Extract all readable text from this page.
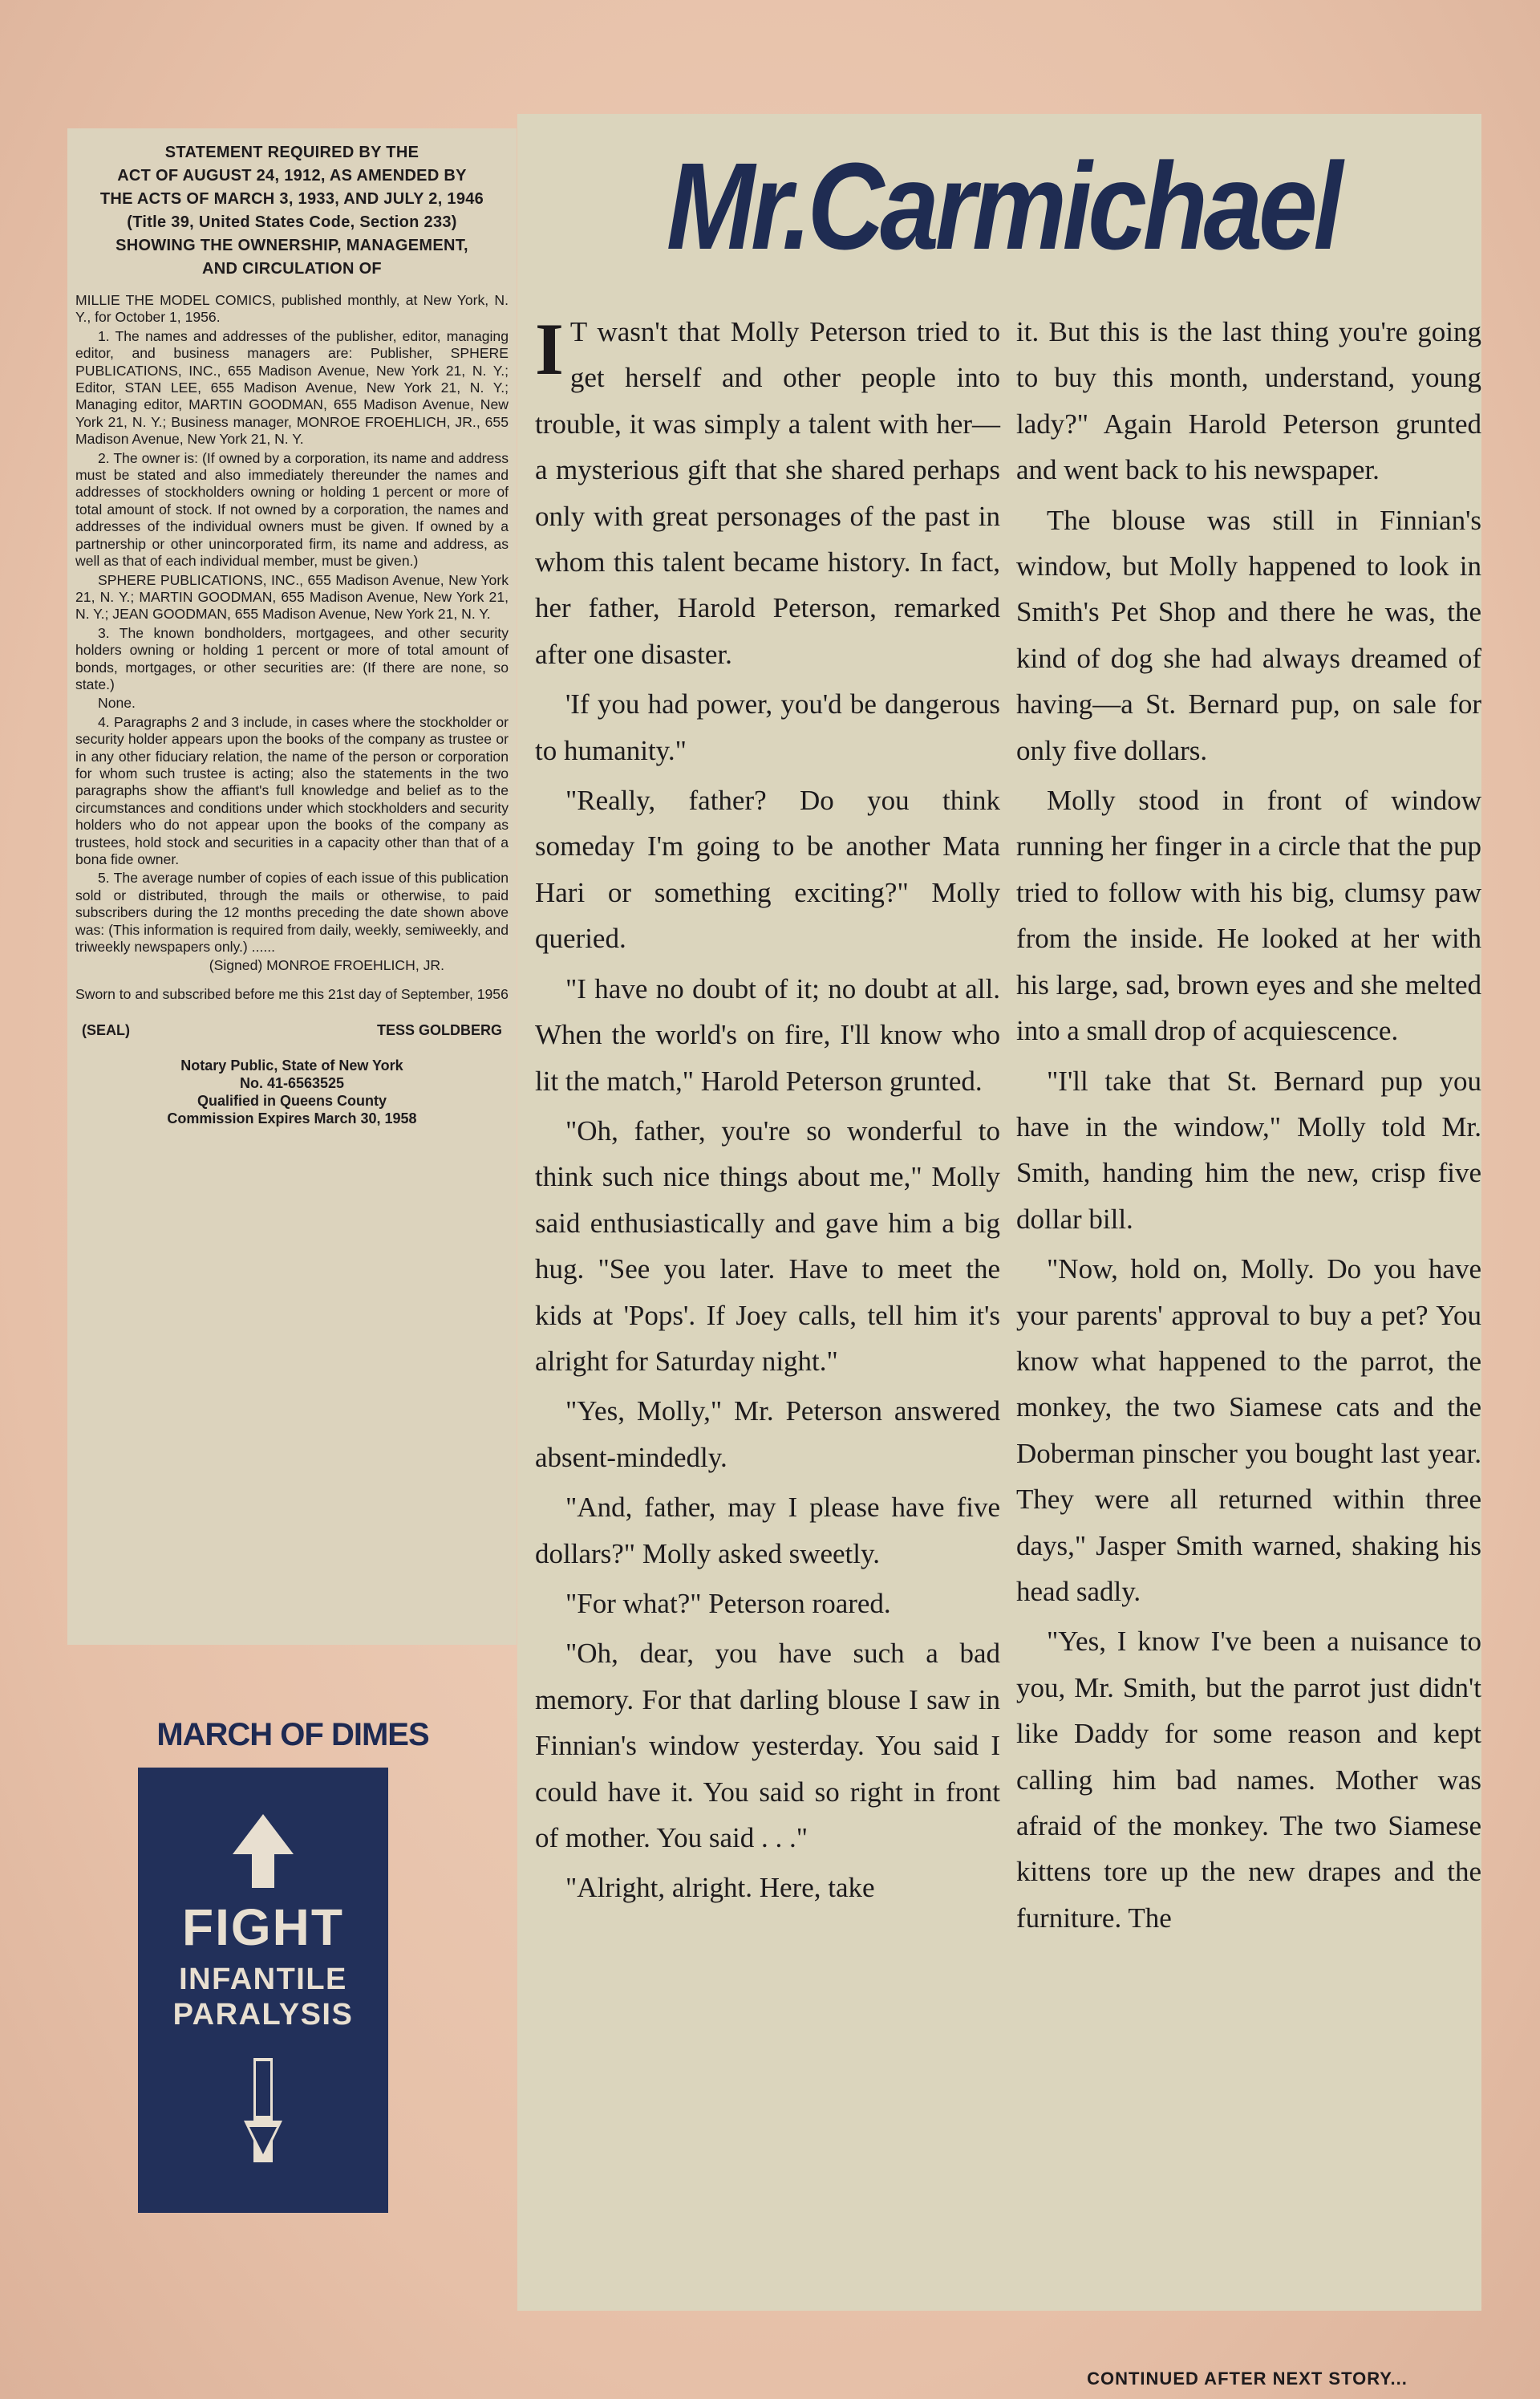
STATEMENT REQUIRED BY THE
ACT OF AUGUST 24, 1912, AS AMENDED BY
THE ACTS OF MARCH 3, 1933, AND JULY 2, 1946
(Title 39, United States Code, Section 233)
SHOWING THE OWNERSHIP, MANAGEMENT,
AND CIRCULATION OF

MILLIE THE MODEL COMICS, published monthly, at New York, N. Y., for October 1, 1956.

1. The names and addresses of the publisher, editor, managing editor, and business managers are: Publisher, SPHERE PUBLICATIONS, INC., 655 Madison Avenue, New York 21, N. Y.; Editor, STAN LEE, 655 Madison Avenue, New York 21, N. Y.; Managing editor, MARTIN GOODMAN, 655 Madison Avenue, New York 21, N. Y.; Business manager, MONROE FROEHLICH, JR., 655 Madison Avenue, New York 21, N. Y.

2. The owner is: (If owned by a corporation, its name and address must be stated and also immediately thereunder the names and addresses of stockholders owning or holding 1 percent or more of total amount of stock. If not owned by a corporation, the names and addresses of the individual owners must be given. If owned by a partnership or other unincorporated firm, its name and address, as well as that of each individual member, must be given.)

SPHERE PUBLICATIONS, INC., 655 Madison Avenue, New York 21, N. Y.; MARTIN GOODMAN, 655 Madison Avenue, New York 21, N. Y.; JEAN GOODMAN, 655 Madison Avenue, New York 21, N. Y.

3. The known bondholders, mortgagees, and other security holders owning or holding 1 percent or more of total amount of bonds, mortgages, or other securities are: (If there are none, so state.)

None.

4. Paragraphs 2 and 3 include, in cases where the stockholder or security holder appears upon the books of the company as trustee or in any other fiduciary relation, the name of the person or corporation for whom such trustee is acting; also the statements in the two paragraphs show the affiant's full knowledge and belief as to the circumstances and conditions under which stockholders and security holders who do not appear upon the books of the company as trustees, hold stock and securities in a capacity other than that of a bona fide owner.

5. The average number of copies of each issue of this publication sold or distributed, through the mails or otherwise, to paid subscribers during the 12 months preceding the date shown above was: (This information is required from daily, weekly, semiweekly, and triweekly newspapers only.) ......

(Signed) MONROE FROEHLICH, JR.

Sworn to and subscribed before me this 21st day of September, 1956

(SEAL)	TESS GOLDBERG
Notary Public, State of New York
No. 41-6563525
Qualified in Queens County
Commission Expires March 30, 1958
MARCH OF DIMES
FIGHT
INFANTILE
PARALYSIS
Mr.Carmichael

I T wasn't that Molly Peterson tried to get herself and other people into trouble, it was simply a talent with her—a mysterious gift that she shared perhaps only with great personages of the past in whom this talent became history. In fact, her father, Harold Peterson, remarked after one disaster.

'If you had power, you'd be dangerous to humanity."

"Really, father? Do you think someday I'm going to be another Mata Hari or something exciting?" Molly queried.

"I have no doubt of it; no doubt at all. When the world's on fire, I'll know who lit the match," Harold Peterson grunted.

"Oh, father, you're so wonderful to think such nice things about me," Molly said enthusiastically and gave him a big hug. "See you later. Have to meet the kids at 'Pops'. If Joey calls, tell him it's alright for Saturday night."

"Yes, Molly," Mr. Peterson answered absent-mindedly.

"And, father, may I please have five dollars?" Molly asked sweetly.

"For what?" Peterson roared.

"Oh, dear, you have such a bad memory. For that darling blouse I saw in Finnian's window yesterday. You said I could have it. You said so right in front of mother. You said . . ."

"Alright, alright. Here, take

it. But this is the last thing you're going to buy this month, understand, young lady?" Again Harold Peterson grunted and went back to his newspaper.

The blouse was still in Finnian's window, but Molly happened to look in Smith's Pet Shop and there he was, the kind of dog she had always dreamed of having—a St. Bernard pup, on sale for only five dollars.

Molly stood in front of window running her finger in a circle that the pup tried to follow with his big, clumsy paw from the inside. He looked at her with his large, sad, brown eyes and she melted into a small drop of acquiescence.

"I'll take that St. Bernard pup you have in the window," Molly told Mr. Smith, handing him the new, crisp five dollar bill.

"Now, hold on, Molly. Do you have your parents' approval to buy a pet? You know what happened to the parrot, the monkey, the two Siamese cats and the Doberman pinscher you bought last year. They were all returned within three days," Jasper Smith warned, shaking his head sadly.

"Yes, I know I've been a nuisance to you, Mr. Smith, but the parrot just didn't like Daddy for some reason and kept calling him bad names. Mother was afraid of the monkey. The two Siamese kittens tore up the new drapes and the furniture. The

CONTINUED AFTER NEXT STORY...
